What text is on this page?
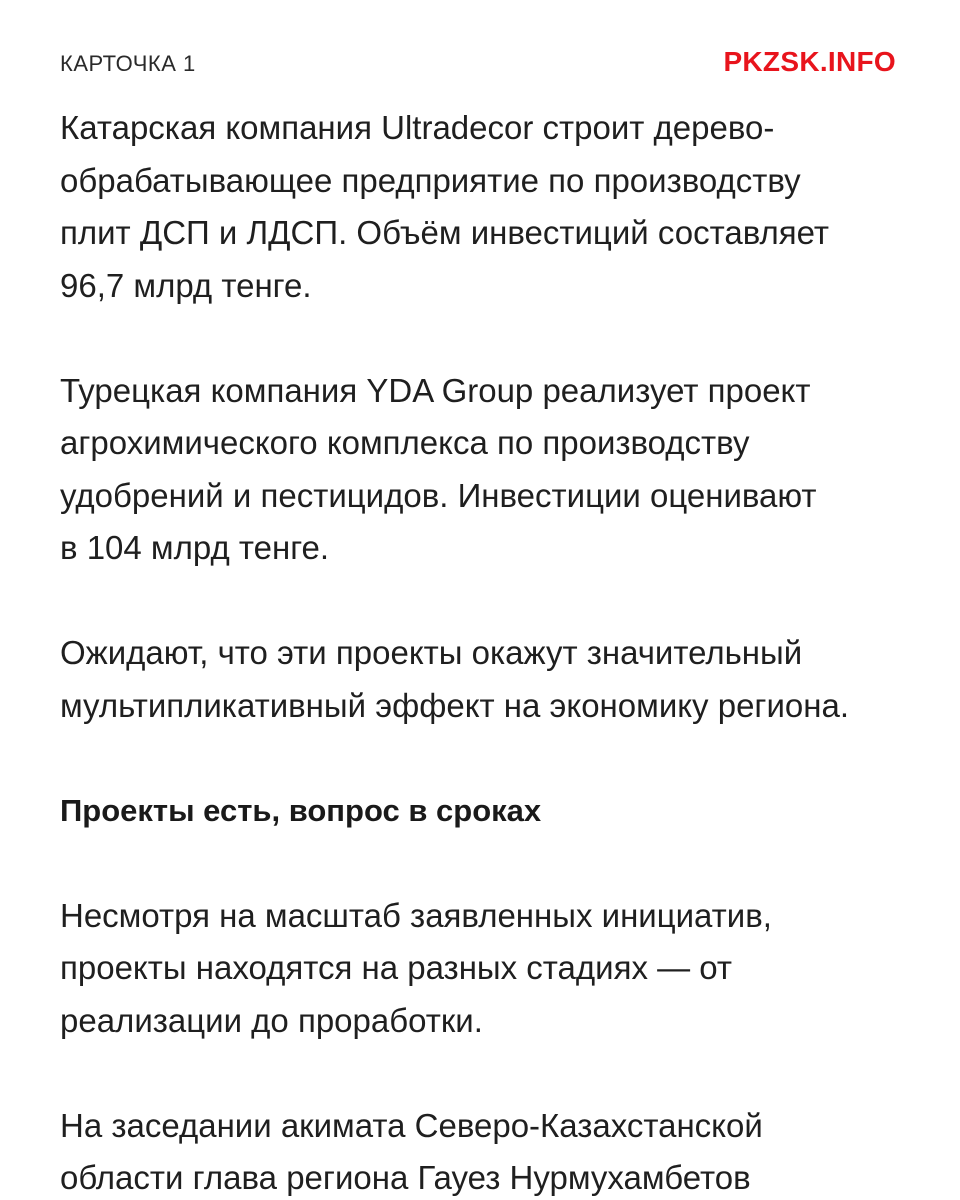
КАРТОЧКА 1	PKZSK.INFO

Катарская компания Ultradecor строит дерево-
обрабатывающее предприятие по производству
плит ДСП и ЛДСП. Объём инвестиций составляет
96,7 млрд тенге.

Турецкая компания YDA Group реализует проект
агрохимического комплекса по производству
удобрений и пестицидов. Инвестиции оценивают
в 104 млрд тенге.

Ожидают, что эти проекты окажут значительный
мультипликативный эффект на экономику региона.

Проекты есть, вопрос в сроках

Несмотря на масштаб заявленных инициатив,
проекты находятся на разных стадиях — от
реализации до проработки.

На заседании акимата Северо-Казахстанской
области глава региона Гауез Нурмухамбетов
